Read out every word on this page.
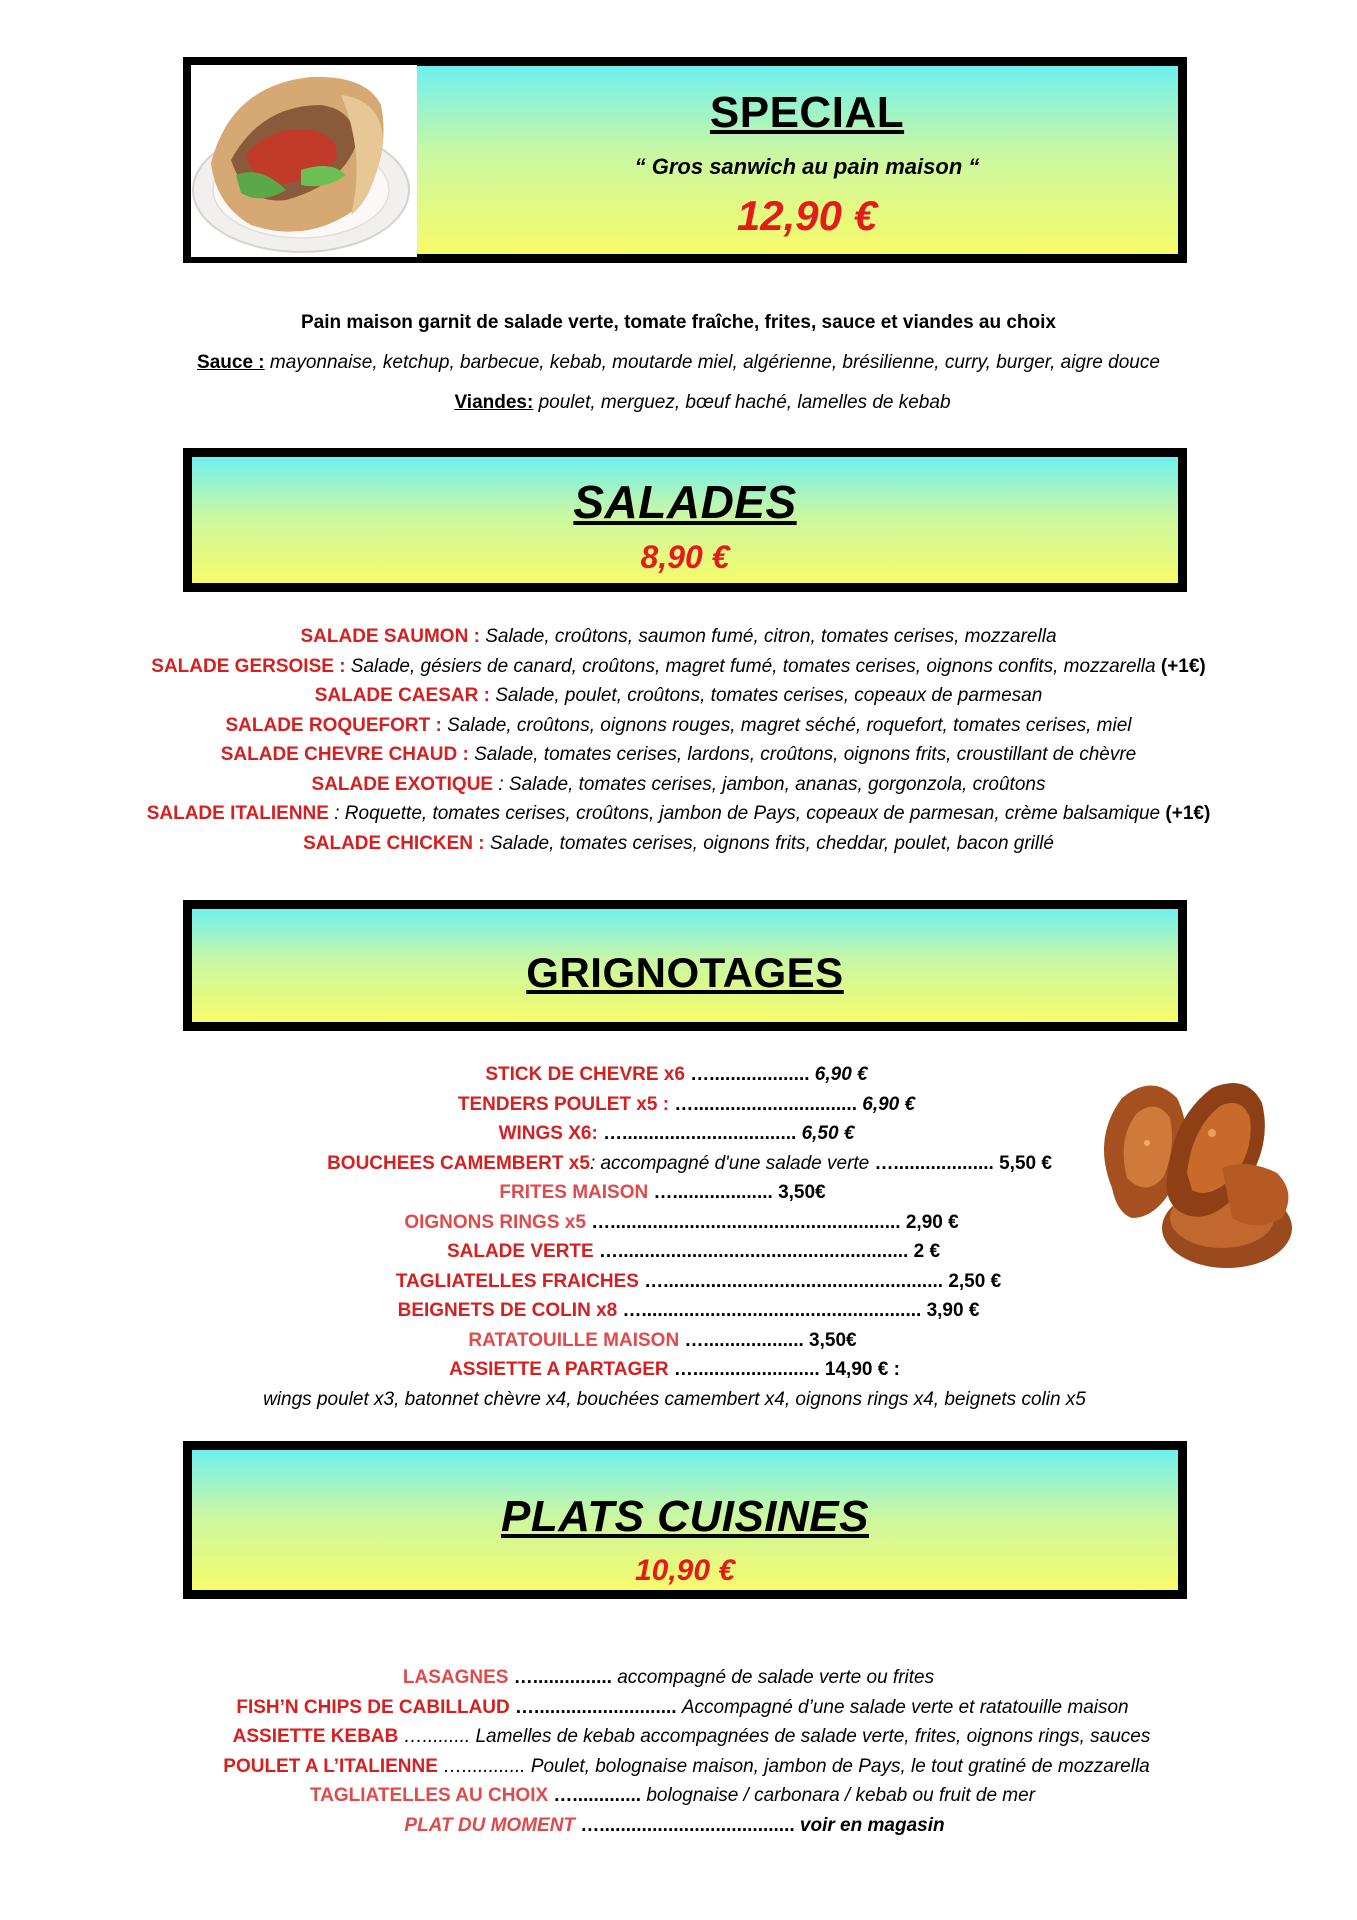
SPECIAL
“ Gros sanwich au pain maison “
12,90 €
Pain maison garnit de salade verte, tomate fraîche, frites, sauce et viandes au choix
Sauce : mayonnaise, ketchup, barbecue, kebab, moutarde miel, algérienne, brésilienne, curry, burger, aigre douce
Viandes: poulet, merguez, bœuf haché, lamelles de kebab
SALADES
8,90 €
SALADE SAUMON : Salade, croûtons, saumon fumé, citron, tomates cerises, mozzarella
SALADE GERSOISE : Salade, gésiers de canard, croûtons, magret fumé, tomates cerises, oignons confits, mozzarella (+1€)
SALADE CAESAR : Salade, poulet, croûtons, tomates cerises, copeaux de parmesan
SALADE ROQUEFORT : Salade, croûtons, oignons rouges, magret séché, roquefort, tomates cerises, miel
SALADE CHEVRE CHAUD : Salade, tomates cerises, lardons, croûtons, oignons frits, croustillant de chèvre
SALADE EXOTIQUE : Salade, tomates cerises, jambon, ananas, gorgonzola, croûtons
SALADE ITALIENNE : Roquette, tomates cerises, croûtons, jambon de Pays, copeaux de parmesan, crème balsamique (+1€)
SALADE CHICKEN : Salade, tomates cerises, oignons frits, cheddar, poulet, bacon grillé
GRIGNOTAGES
STICK DE CHEVRE x6 …................... 6,90 €
TENDERS POULET x5 : …............................... 6,90 €
WINGS X6: …................................. 6,50 €
BOUCHEES CAMEMBERT x5: accompagné d'une salade verte …................... 5,50 €
FRITES MAISON …................... 3,50€
OIGNONS RINGS x5 …....................................................... 2,90 €
SALADE VERTE …....................................................... 2 €
TAGLIATELLES FRAICHES …..................................................... 2,50 €
BEIGNETS DE COLIN x8 …..................................................... 3,90 €
RATATOUILLE MAISON …................... 3,50€
ASSIETTE A PARTAGER …........................ 14,90 € :
wings poulet x3, batonnet chèvre x4, bouchées camembert x4, oignons rings x4, beignets colin x5
PLATS CUISINES
10,90 €
LASAGNES …............... accompagné de salade verte ou frites
FISH’N CHIPS DE CABILLAUD …........................... Accompagné d’une salade verte et ratatouille maison
ASSIETTE KEBAB …......... Lamelles de kebab accompagnées de salade verte, frites, oignons rings, sauces
POULET A L’ITALIENNE …............ Poulet, bolognaise maison, jambon de Pays, le tout gratiné de mozzarella
TAGLIATELLES AU CHOIX …............. bolognaise / carbonara / kebab ou fruit de mer
PLAT DU MOMENT …..................................... voir en magasin
